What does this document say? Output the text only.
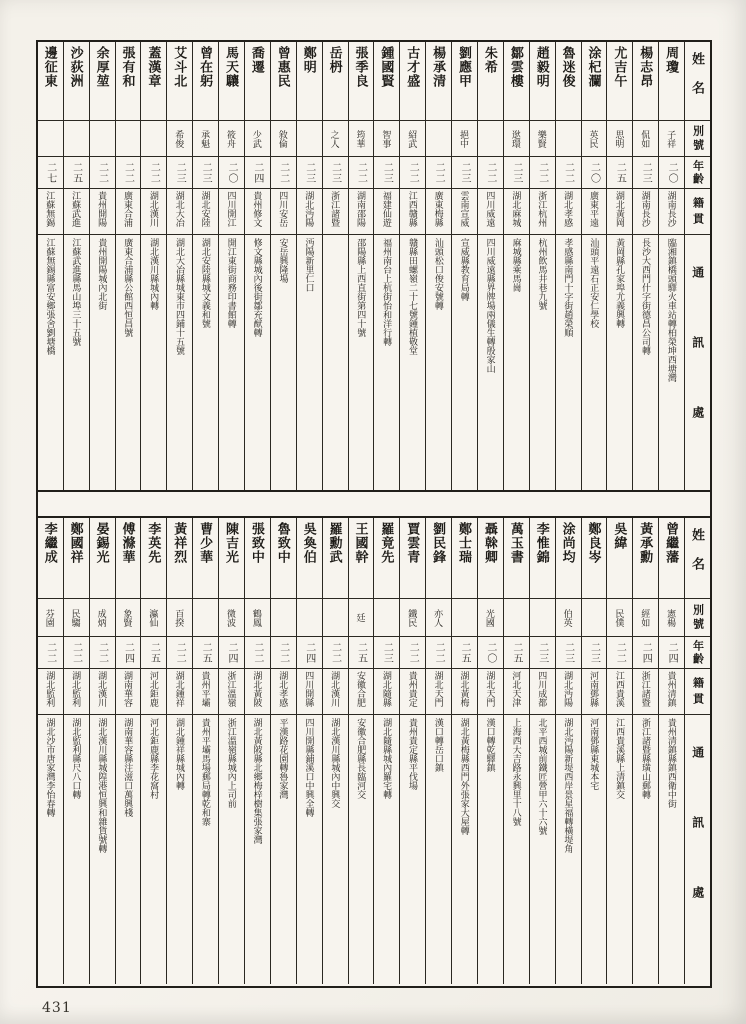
姓名
別號
年齡
籍貫
通訊處
周瓊
子祥
二〇
湖南長沙
臨湘鎮橋頭驛火車站轉柏榮坤西塘灣
楊志昂
侃如
二三
湖南長沙
長沙大西門什字街德昌公司轉
尤吉午
思明
二五
湖北黃岡
黃岡縣孔家埠尤義興轉
涂杞瀾
英民
二〇
廣東平遠
汕頭平遠石正安仁學校
魯迷俊
二二
湖北孝感
孝感縣南門十字街趙榮順
趙毅明
樂賢
二二
浙江杭州
杭州飲馬井巷九號
鄒雲樓
逖環
二三
湖北麻城
麻城縣乘馬崗
朱希
二二
四川威遠
四川威遠縣界牌場兩儀生轉殷家山
劉應甲
挹中
二三
雲南宣威
宣威縣教育局轉
楊承清
二二
廣東梅縣
汕頭松口俊安號轉
古才盛
紹武
二二
江西贛縣
贛縣田螺嶺二十七號鍾植敬堂
鍾國賢
智事
二三
福建仙遊
福州南台上杭街怡和洋行轉
張季良
筠華
二二
湖南邵陽
邵陽縣上西直街第四十號
岳枬
之人
二三
浙江諸暨
鄭明
二三
湖北沔陽
沔陽新里仁口
曾惠民
敘倫
二二
四川安岳
安岳興隆場
喬遷
少武
二四
貴州修文
修文縣城內後街鄒充猷轉
馬天驤
筱舟
二〇
四川開江
開江東街商務印書館轉
曾在躬
承魁
二三
湖北安陸
湖北安陸縣城文義和號
艾斗北
希俊
二三
湖北大冶
湖北大冶縣城東市四鋪十五號
蓋漢章
二二
湖北漢川
湖北漢川縣城內轉
張有和
二二
廣東合浦
廣東合浦縣公館西恒昌號
余厚堃
二二
貴州開陽
貴州開陽城內北街
沙荻洲
二五
江蘇武進
江蘇武進縣馬山埠三十五號
邊征東
二七
江蘇無錫
江蘇無錫縣富安鄉張舍劉塘橋
姓名
別號
年齡
籍貫
通訊處
曾繼藩
憲楊
二四
貴州清鎮
貴州清鎮縣鎮西衛中街
黃承勳
經如
二四
浙江諸暨
浙江諸暨縣璜山郵轉
吳緯
民僕
二二
江西貴溪
江西貴溪縣上清鎮交
鄭良岑
二三
河南鄧縣
河南鄧縣東城本宅
涂尚均
伯英
二三
湖北沔陽
湖北沔陽新堤西岸景星福轉橫堤角
李惟錦
二三
四川成都
北平西城前鐵匠營甲六十六號
萬玉書
二五
河北天津
上海西大吉路永興里十八號
聶榦卿
光國
二〇
湖北天門
漢口轉乾驛鎮
鄭士瑞
二五
湖北黃梅
湖北黃梅縣西門外張家大屋轉
劉民鋒
亦人
二二
湖北天門
漢口轉岳口鎮
賈雲青
鐵民
二二
貴州貴定
貴州貴定縣平伐場
羅竟先
二三
湖北隨縣
湖北隨縣城內羅宅轉
王國幹
廷
二五
安徽合肥
安徽合肥縣長臨河交
羅勳武
二二
湖北漢川
湖北漢川縣城內中興交
吳奐伯
二四
四川開縣
四川開縣鋪溪口中興全轉
魯致中
二二
湖北孝感
平漢路花園轉魯家灣
張致中
鶴鳳
二二
湖北黃陂
湖北黃陂縣北鄉梅梓樹集張家灣
陳吉光
微波
二四
浙江溫嶺
浙江溫嶺縣城內上司前
曹少華
二五
貴州平壩
貴州平壩馬場郵局轉乾和寨
黃祥烈
百揆
二二
湖北鍾祥
湖北鍾祥縣城內轉
李英先
瀛仙
二五
河北鉅鹿
河北鉅鹿縣李花窩村
傅滌華
象賢
二四
湖南華容
湖南華容縣注滋口萬興棧
晏錫光
成炳
二二
湖北漢川
湖北漢川縣城隍港恒興和雜貨號轉
鄭國祥
民騶
二二
湖北監利
湖北監利縣尺八口轉
李繼成
芬園
二二
湖北監利
湖北沙市唐家灣李怡春轉
431
